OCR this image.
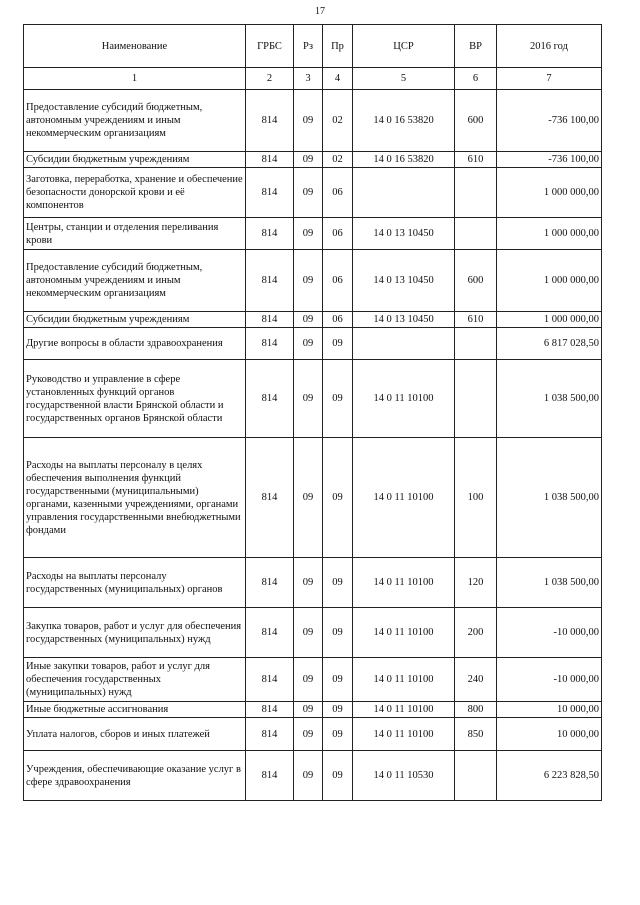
17
Наименование	ГРБС	Рз	Пр	ЦСР	ВР	2016 год
1	2	3	4	5	6	7
Предоставление субсидий бюджетным, автономным учреждениям и иным некоммерческим организациям	814	09	02	14 0 16 53820	600	-736 100,00
Субсидии бюджетным учреждениям	814	09	02	14 0 16 53820	610	-736 100,00
Заготовка, переработка, хранение и обеспечение безопасности донорской крови и её компонентов	814	09	06			1 000 000,00
Центры, станции и отделения переливания крови	814	09	06	14 0 13 10450		1 000 000,00
Предоставление субсидий бюджетным, автономным учреждениям и иным некоммерческим организациям	814	09	06	14 0 13 10450	600	1 000 000,00
Субсидии бюджетным учреждениям	814	09	06	14 0 13 10450	610	1 000 000,00
Другие вопросы в области здравоохранения	814	09	09			6 817 028,50
Руководство и управление в сфере установленных функций органов государственной власти Брянской области и государственных органов Брянской области	814	09	09	14 0 11 10100		1 038 500,00
Расходы на выплаты персоналу в целях обеспечения выполнения функций государственными (муниципальными) органами, казенными учреждениями, органами управления государственными внебюджетными фондами	814	09	09	14 0 11 10100	100	1 038 500,00
Расходы на выплаты персоналу государственных (муниципальных) органов	814	09	09	14 0 11 10100	120	1 038 500,00
Закупка товаров, работ и услуг для обеспечения государственных (муниципальных) нужд	814	09	09	14 0 11 10100	200	-10 000,00
Иные закупки товаров, работ и услуг для обеспечения государственных (муниципальных) нужд	814	09	09	14 0 11 10100	240	-10 000,00
Иные бюджетные ассигнования	814	09	09	14 0 11 10100	800	10 000,00
Уплата налогов, сборов и иных платежей	814	09	09	14 0 11 10100	850	10 000,00
Учреждения, обеспечивающие оказание услуг в сфере здравоохранения	814	09	09	14 0 11 10530		6 223 828,50
